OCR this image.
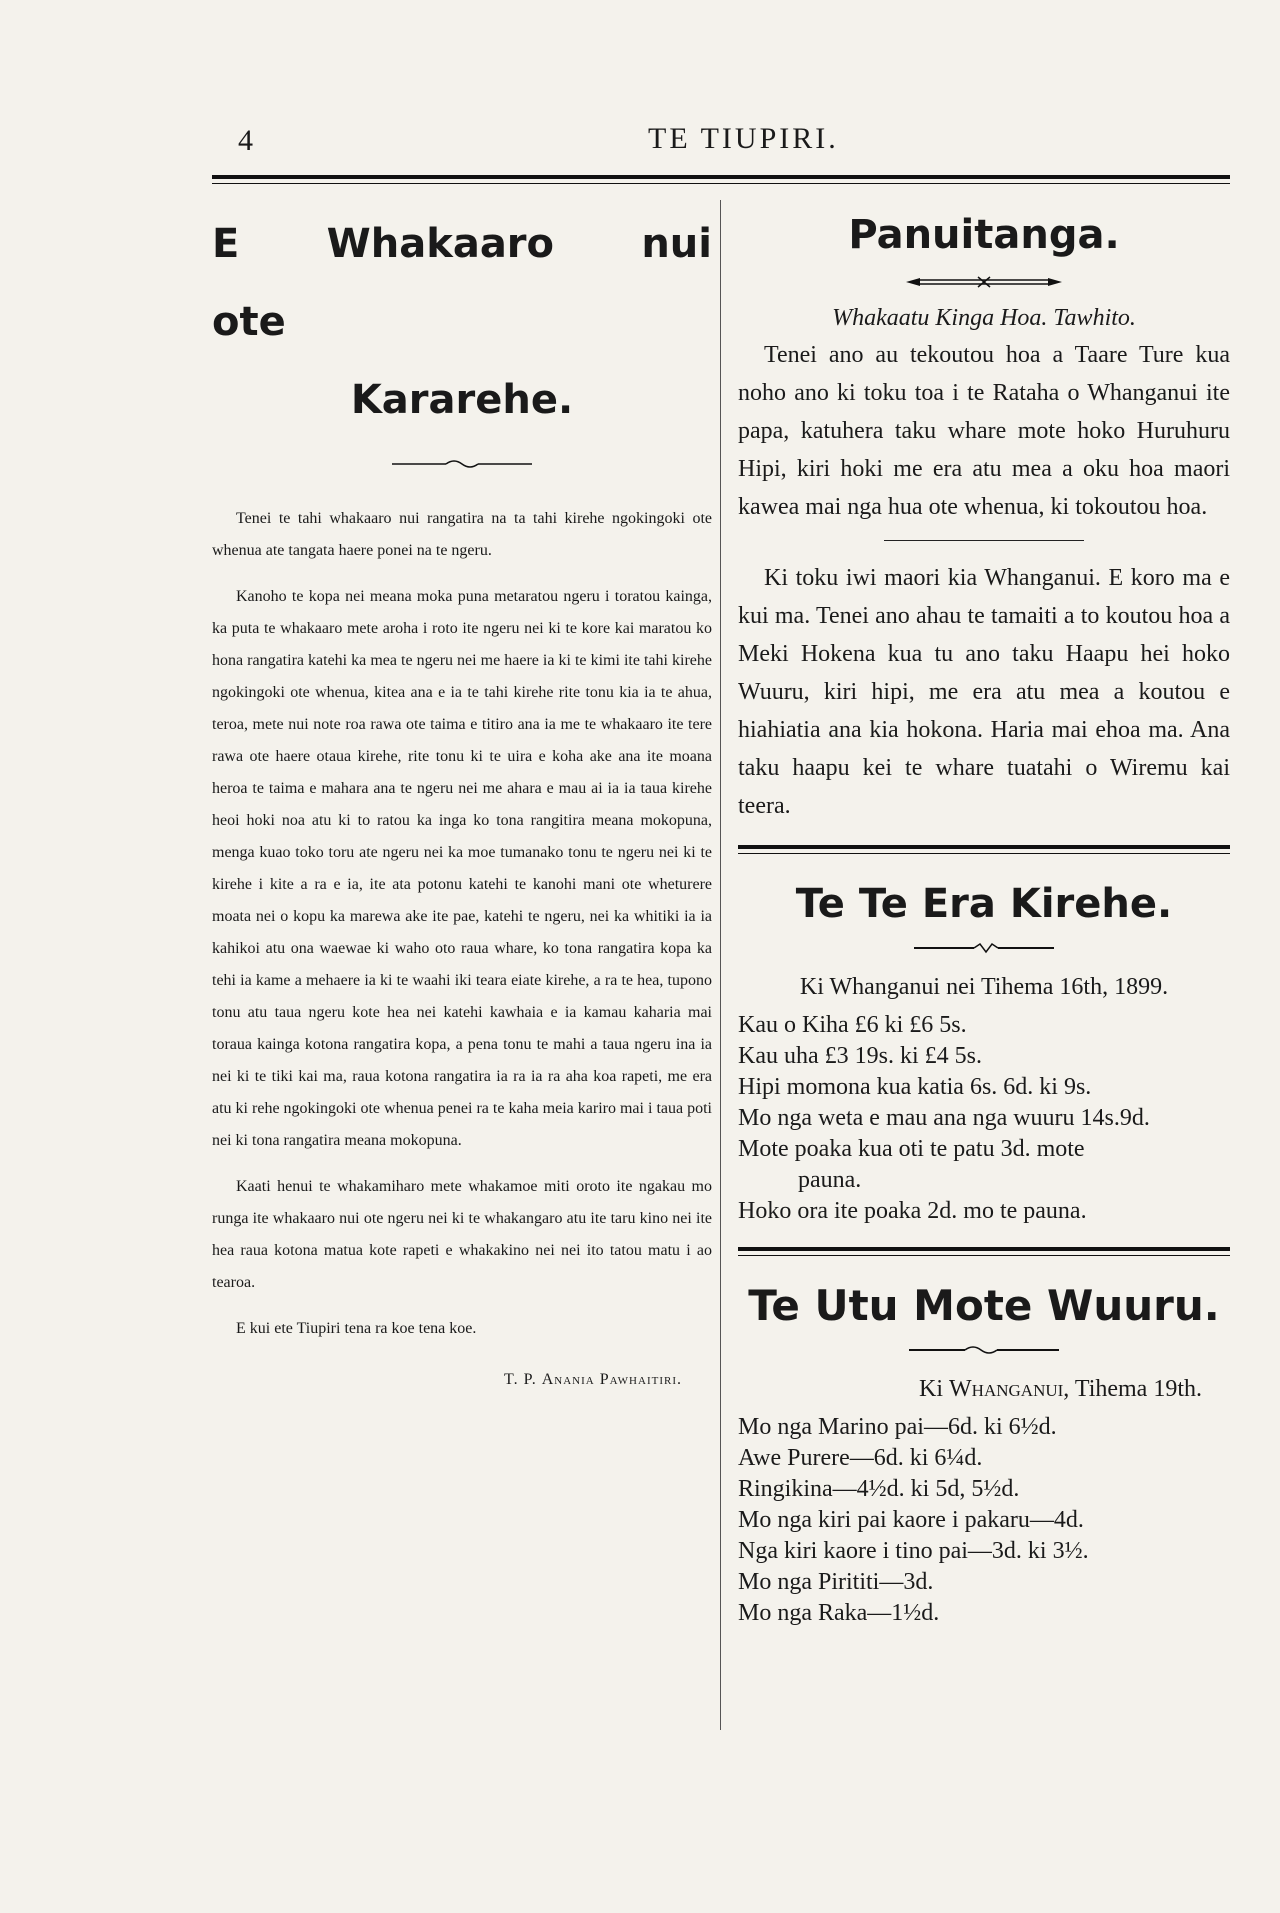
4	TE TIUPIRI.
E Whakaaro nui ote
Kararehe.

Tenei te tahi whakaaro nui rangatira na ta tahi kirehe ngokingoki ote whenua ate tangata haere ponei na te ngeru.

Kanoho te kopa nei meana moka puna metaratou ngeru i toratou kainga, ka puta te whakaaro mete aroha i roto ite ngeru nei ki te kore kai maratou ko hona rangatira katehi ka mea te ngeru nei me haere ia ki te kimi ite tahi kirehe ngokingoki ote whenua, kitea ana e ia te tahi kirehe rite tonu kia ia te ahua, teroa, mete nui note roa rawa ote taima e titiro ana ia me te whakaaro ite tere rawa ote haere otaua kirehe, rite tonu ki te uira e koha ake ana ite moana heroa te taima e mahara ana te ngeru nei me ahara e mau ai ia ia taua kirehe heoi hoki noa atu ki to ratou ka inga ko tona rangitira meana mokopuna, menga kuao toko toru ate ngeru nei ka moe tumanako tonu te ngeru nei ki te kirehe i kite a ra e ia, ite ata potonu katehi te kanohi mani ote wheturere moata nei o kopu ka marewa ake ite pae, katehi te ngeru, nei ka whitiki ia ia kahikoi atu ona waewae ki waho oto raua whare, ko tona rangatira kopa ka tehi ia kame a mehaere ia ki te waahi iki teara eiate kirehe, a ra te hea, tupono tonu atu taua ngeru kote hea nei katehi kawhaia e ia kamau kaharia mai toraua kainga kotona rangatira kopa, a pena tonu te mahi a taua ngeru ina ia nei ki te tiki kai ma, raua kotona rangatira ia ra ia ra aha koa rapeti, me era atu ki rehe ngokingoki ote whenua penei ra te kaha meia kariro mai i taua poti nei ki tona rangatira meana mokopuna.

Kaati henui te whakamiharo mete whakamoe miti oroto ite ngakau mo runga ite whakaaro nui ote ngeru nei ki te whakangaro atu ite taru kino nei ite hea raua kotona matua kote rapeti e whakakino nei nei ito tatou matu i ao tearoa.

E kui ete Tiupiri tena ra koe tena koe.

T. P. Anania Pawhaitiri.
Panuitanga.
Whakaatu Kinga Hoa. Tawhito.

Tenei ano au tekoutou hoa a Taare Ture kua noho ano ki toku toa i te Rataha o Whanganui ite papa, katuhera taku whare mote hoko Huruhuru Hipi, kiri hoki me era atu mea a oku hoa maori kawea mai nga hua ote whenua, ki tokoutou hoa.

Ki toku iwi maori kia Whanganui. E koro ma e kui ma. Tenei ano ahau te tamaiti a to koutou hoa a Meki Hokena kua tu ano taku Haapu hei hoko Wuuru, kiri hipi, me era atu mea a koutou e hiahiatia ana kia hokona. Haria mai ehoa ma. Ana taku haapu kei te whare tuatahi o Wiremu kai teera.

Te Te Era Kirehe.
Ki Whanganui nei Tihema 16th, 1899.
Kau o Kiha £6 ki £6 5s.
Kau uha £3 19s. ki £4 5s.
Hipi momona kua katia 6s. 6d. ki 9s.
Mo nga weta e mau ana nga wuuru 14s.9d.
Mote poaka kua oti te patu 3d. mote
pauna.
Hoko ora ite poaka 2d. mo te pauna.
Te Utu Mote Wuuru.
Ki Whanganui, Tihema 19th.
Mo nga Marino pai—6d. ki 6½d.
Awe Purere—6d. ki 6¼d.
Ringikina—4½d. ki 5d, 5½d.
Mo nga kiri pai kaore i pakaru—4d.
Nga kiri kaore i tino pai—3d. ki 3½.
Mo nga Pirititi—3d.
Mo nga Raka—1½d.
